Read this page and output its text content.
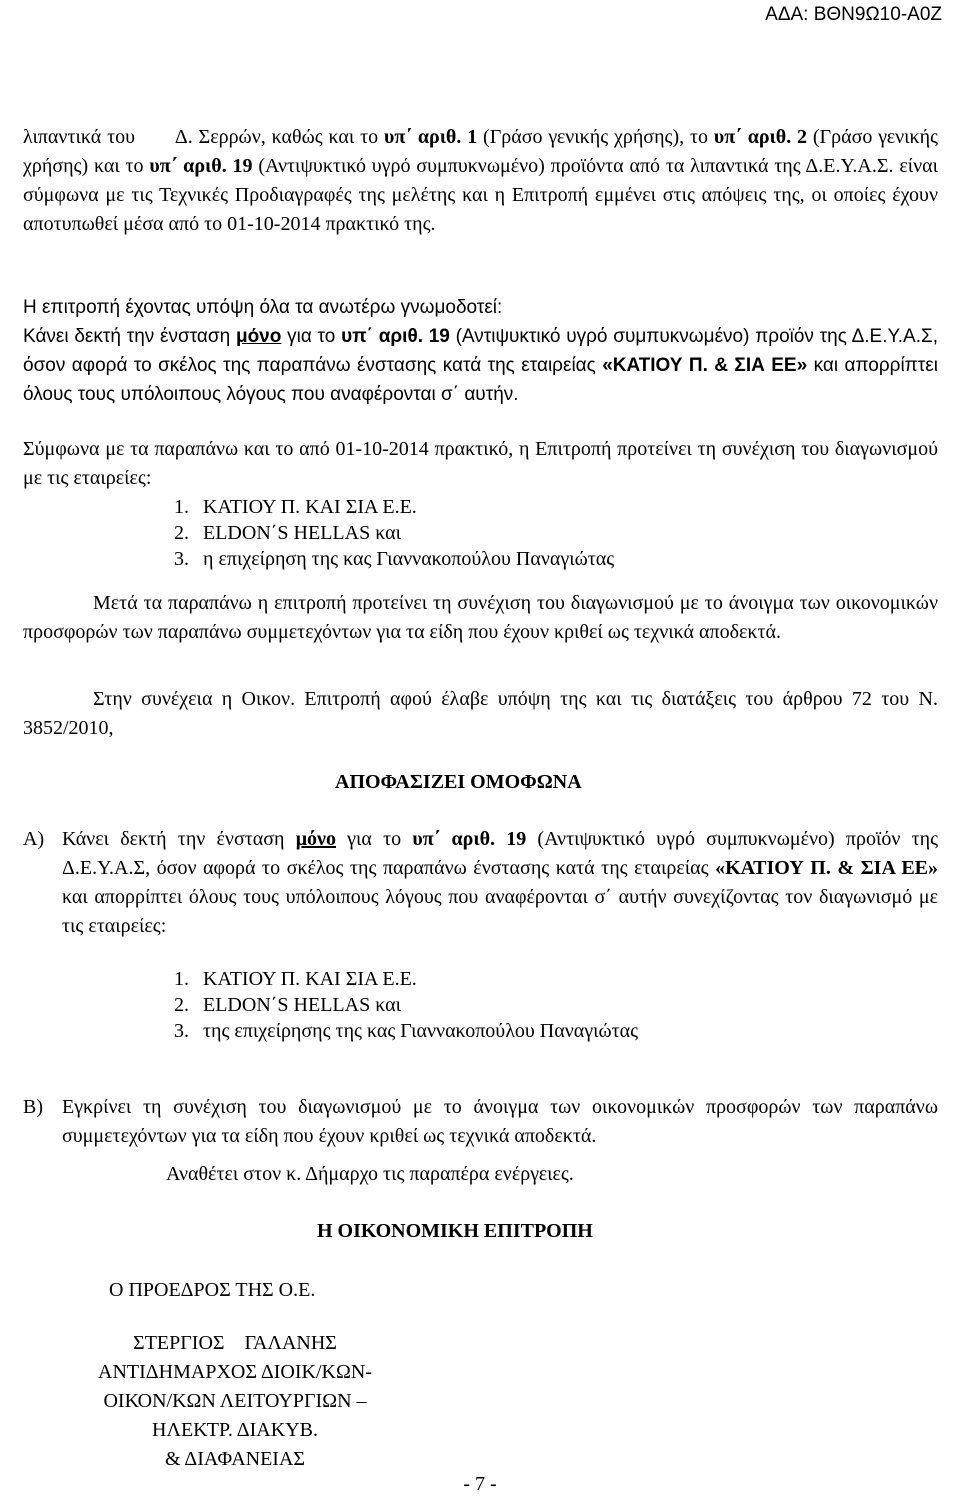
ΑΔΑ: ΒΘΝ9Ω10-Α0Ζ

λιπαντικά του       Δ. Σερρών, καθώς και το υπ΄ αριθ. 1 (Γράσο γενικής χρήσης), το υπ΄ αριθ. 2 (Γράσο γενικής χρήσης) και το υπ΄ αριθ. 19 (Αντιψυκτικό υγρό συμπυκνωμένο) προϊόντα από τα λιπαντικά της Δ.Ε.Υ.Α.Σ. είναι σύμφωνα με τις Τεχνικές Προδιαγραφές της μελέτης και η Επιτροπή εμμένει στις απόψεις της, οι οποίες έχουν αποτυπωθεί μέσα από το 01-10-2014 πρακτικό της.

Η επιτροπή έχοντας υπόψη όλα τα ανωτέρω γνωμοδοτεί:
Κάνει δεκτή την ένσταση μόνο για το υπ΄ αριθ. 19 (Αντιψυκτικό υγρό συμπυκνωμένο) προϊόν της Δ.Ε.Υ.Α.Σ, όσον αφορά το σκέλος της παραπάνω ένστασης κατά της εταιρείας «ΚΑΤΙΟΥ Π. & ΣΙΑ ΕΕ» και απορρίπτει όλους τους υπόλοιπους λόγους που αναφέρονται σ΄ αυτήν.

Σύμφωνα με τα παραπάνω και το από 01-10-2014 πρακτικό, η Επιτροπή προτείνει τη συνέχιση του διαγωνισμού με τις εταιρείες:

1. ΚΑΤΙΟΥ Π. ΚΑΙ ΣΙΑ Ε.Ε.
2. ELDON΄S HELLAS και
3. η επιχείρηση της κας Γιαννακοπούλου Παναγιώτας

Μετά τα παραπάνω η επιτροπή προτείνει τη συνέχιση του διαγωνισμού με το άνοιγμα των οικονομικών προσφορών των παραπάνω συμμετεχόντων για τα είδη που έχουν κριθεί ως τεχνικά αποδεκτά.

Στην συνέχεια η Οικον. Επιτροπή αφού έλαβε υπόψη της και τις διατάξεις του άρθρου 72 του Ν. 3852/2010,

ΑΠΟΦΑΣΙΖΕΙ ΟΜΟΦΩΝΑ
Α) Κάνει δεκτή την ένσταση μόνο για το υπ΄ αριθ. 19 (Αντιψυκτικό υγρό συμπυκνωμένο) προϊόν της Δ.Ε.Υ.Α.Σ, όσον αφορά το σκέλος της παραπάνω ένστασης κατά της εταιρείας «ΚΑΤΙΟΥ Π. & ΣΙΑ ΕΕ» και απορρίπτει όλους τους υπόλοιπους λόγους που αναφέρονται σ΄ αυτήν συνεχίζοντας τον διαγωνισμό με τις εταιρείες:

1. ΚΑΤΙΟΥ Π. ΚΑΙ ΣΙΑ Ε.Ε.
2. ELDON΄S HELLAS και
3. της επιχείρησης της κας Γιαννακοπούλου Παναγιώτας
Β) Εγκρίνει τη συνέχιση του διαγωνισμού με το άνοιγμα των οικονομικών προσφορών των παραπάνω συμμετεχόντων για τα είδη που έχουν κριθεί ως τεχνικά αποδεκτά.

Αναθέτει στον κ. Δήμαρχο τις παραπέρα ενέργειες.
Η ΟΙΚΟΝΟΜΙΚΗ ΕΠΙΤΡΟΠΗ
Ο ΠΡΟΕΔΡΟΣ ΤΗΣ Ο.Ε.
ΣΤΕΡΓΙΟΣ    ΓΑΛΑΝΗΣ
ΑΝΤΙΔΗΜΑΡΧΟΣ ΔΙΟΙΚ/ΚΩΝ-
ΟΙΚΟΝ/ΚΩΝ ΛΕΙΤΟΥΡΓΙΩΝ –
ΗΛΕΚΤΡ. ΔΙΑΚΥΒ.
& ΔΙΑΦΑΝΕΙΑΣ
- 7 -
